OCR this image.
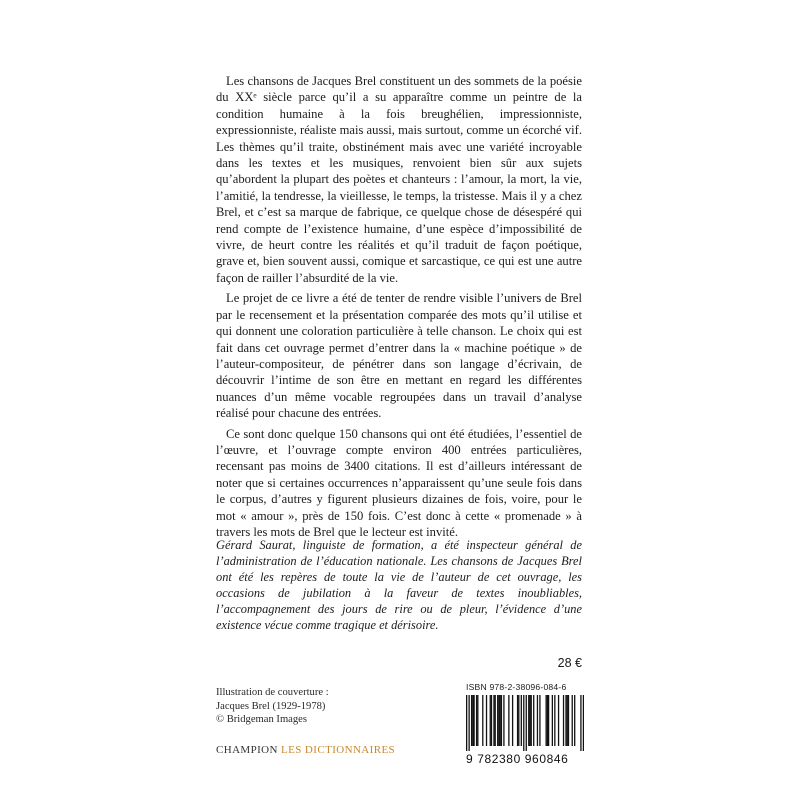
Les chansons de Jacques Brel constituent un des sommets de la poésie du XXᵉ siècle parce qu’il a su apparaître comme un peintre de la condition humaine à la fois breughélien, impressionniste, expressionniste, réaliste mais aussi, mais surtout, comme un écorché vif. Les thèmes qu’il traite, obstinément mais avec une variété incroyable dans les textes et les musiques, renvoient bien sûr aux sujets qu’abordent la plupart des poètes et chanteurs : l’amour, la mort, la vie, l’amitié, la tendresse, la vieillesse, le temps, la tristesse. Mais il y a chez Brel, et c’est sa marque de fabrique, ce quelque chose de désespéré qui rend compte de l’existence humaine, d’une espèce d’impossibilité de vivre, de heurt contre les réalités et qu’il traduit de façon poétique, grave et, bien souvent aussi, comique et sarcastique, ce qui est une autre façon de railler l’absurdité de la vie.

Le projet de ce livre a été de tenter de rendre visible l’univers de Brel par le recensement et la présentation comparée des mots qu’il utilise et qui donnent une coloration particulière à telle chanson. Le choix qui est fait dans cet ouvrage permet d’entrer dans la « machine poétique » de l’auteur-compositeur, de pénétrer dans son langage d’écrivain, de découvrir l’intime de son être en mettant en regard les différentes nuances d’un même vocable regroupées dans un travail d’analyse réalisé pour chacune des entrées.

Ce sont donc quelque 150 chansons qui ont été étudiées, l’essentiel de l’œuvre, et l’ouvrage compte environ 400 entrées particulières, recensant pas moins de 3400 citations. Il est d’ailleurs intéressant de noter que si certaines occurrences n’apparaissent qu’une seule fois dans le corpus, d’autres y figurent plusieurs dizaines de fois, voire, pour le mot « amour », près de 150 fois. C’est donc à cette « promenade » à travers les mots de Brel que le lecteur est invité.

Gérard Saurat, linguiste de formation, a été inspecteur général de l’administration de l’éducation nationale. Les chansons de Jacques Brel ont été les repères de toute la vie de l’auteur de cet ouvrage, les occasions de jubilation à la faveur de textes inoubliables, l’accompagnement des jours de rire ou de pleur, l’évidence d’une existence vécue comme tragique et dérisoire.

Illustration de couverture :
Jacques Brel (1929-1978)
© Bridgeman Images
CHAMPION LES DICTIONNAIRES
28 €
ISBN 978-2-38096-084-6
9 782380 960846
